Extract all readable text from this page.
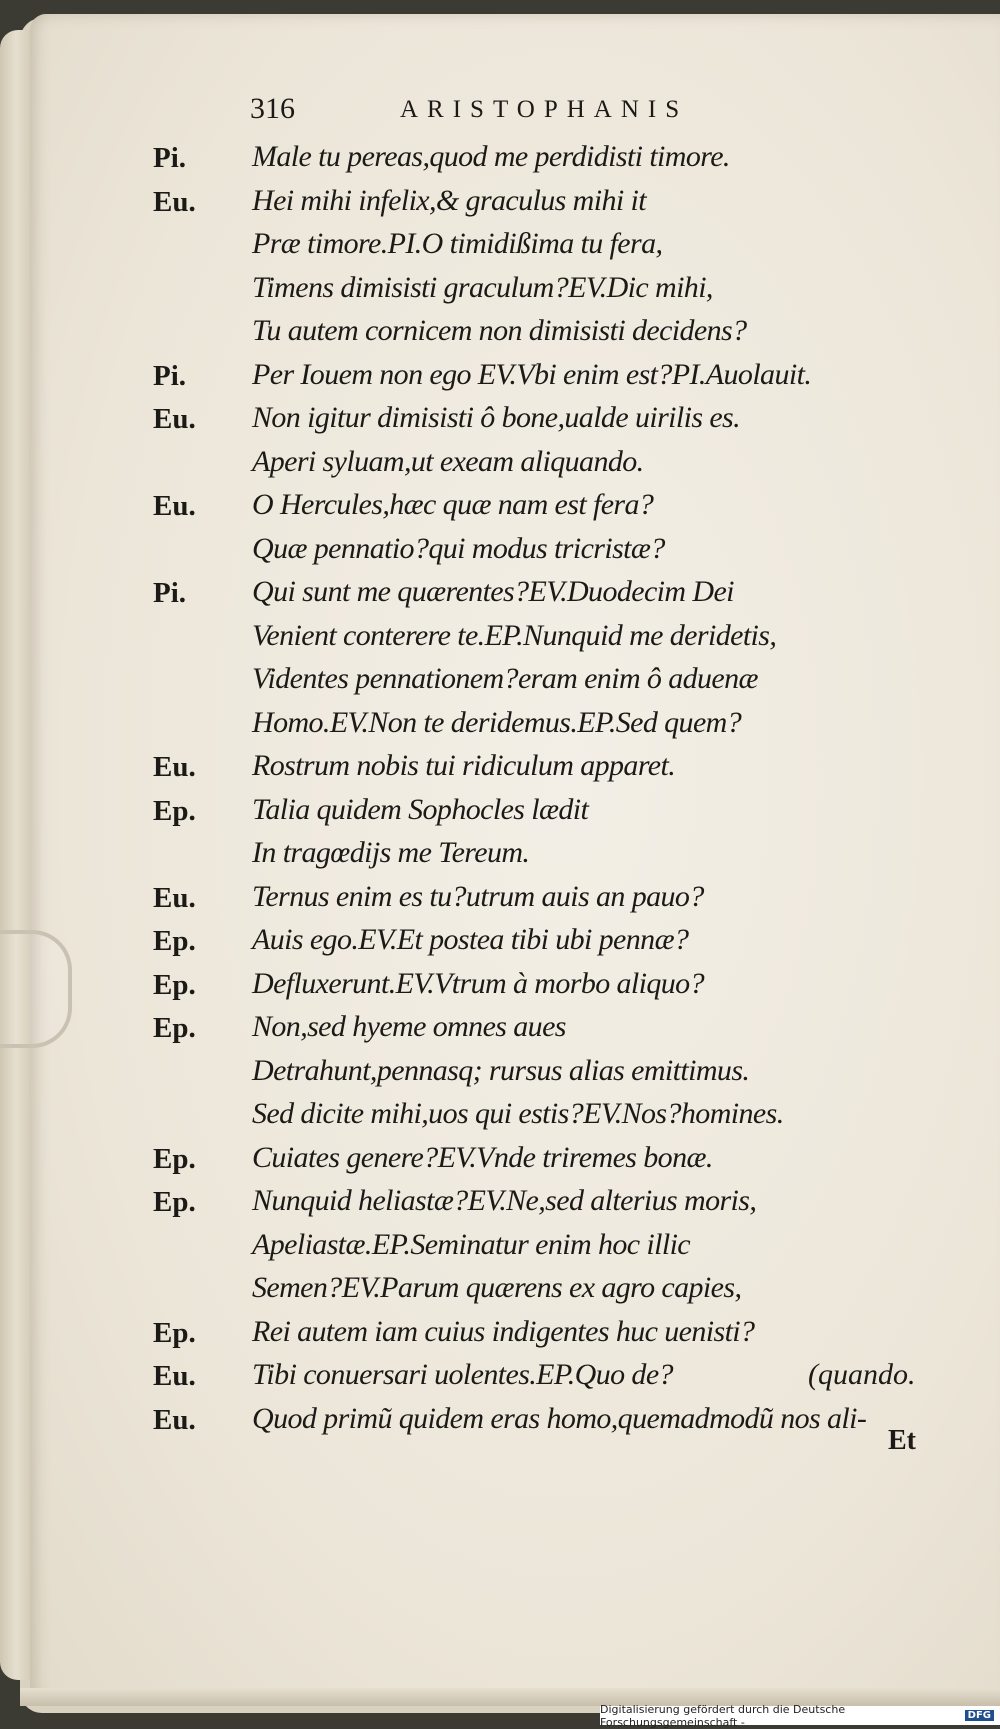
316	ARISTOPHANIS
Pi. Male tu pereas,quod me perdidisti timore.
Eu. Hei mihi infelix,& graculus mihi it
Præ timore.PI.O timidißima tu fera,
Timens dimisisti graculum?EV.Dic mihi,
Tu autem cornicem non dimisisti decidens?
Pi. Per Iouem non ego EV.Vbi enim est?PI.Auolauit.
Eu. Non igitur dimisisti ô bone,ualde uirilis es.
Aperi syluam,ut exeam aliquando.
Eu. O Hercules,hæc quæ nam est fera?
Quæ pennatio?qui modus tricristæ?
Pi. Qui sunt me quærentes?EV.Duodecim Dei
Venient conterere te.EP.Nunquid me deridetis,
Videntes pennationem?eram enim ô aduenæ
Homo.EV.Non te deridemus.EP.Sed quem?
Eu. Rostrum nobis tui ridiculum apparet.
Ep. Talia quidem Sophocles lædit
In tragœdijs me Tereum.
Eu. Ternus enim es tu?utrum auis an pauo?
Ep. Auis ego.EV.Et postea tibi ubi pennæ?
Ep. Defluxerunt.EV.Vtrum à morbo aliquo?
Ep. Non,sed hyeme omnes aues
Detrahunt,pennasq; rursus alias emittimus.
Sed dicite mihi,uos qui estis?EV.Nos?homines.
Ep. Cuiates genere?EV.Vnde triremes bonæ.
Ep. Nunquid heliastæ?EV.Ne,sed alterius moris,
Apeliastæ.EP.Seminatur enim hoc illic
Semen?EV.Parum quærens ex agro capies,
Ep. Rei autem iam cuius indigentes huc uenisti?
Eu. Tibi conuersari uolentes.EP.Quo de?	(quando.
Eu. Quod primũ quidem eras homo,quemadmodũ nos ali-
Et
Digitalisierung gefördert durch die Deutsche Forschungsgemeinschaft -	DFG
